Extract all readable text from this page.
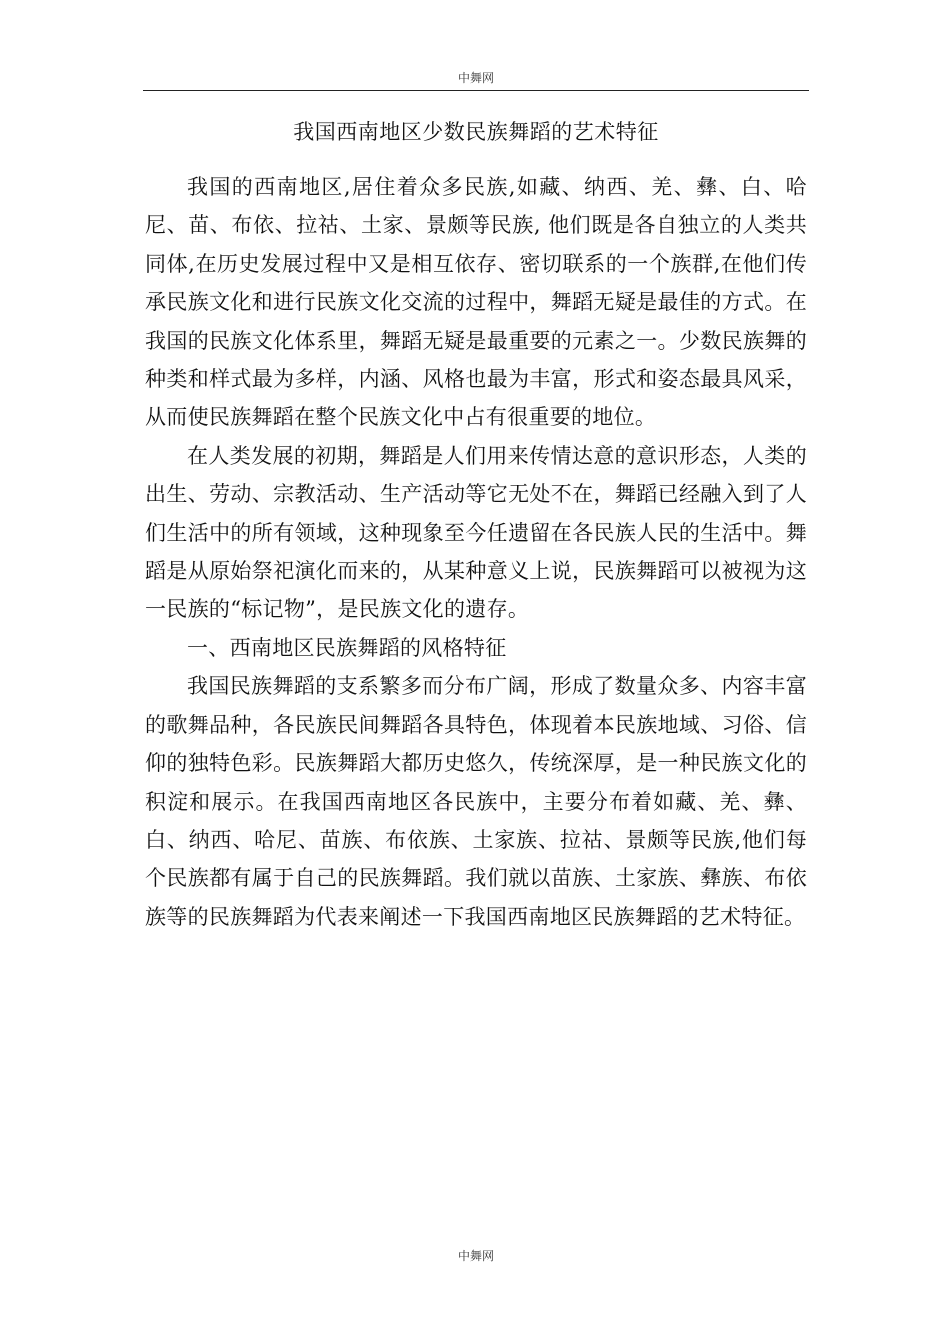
中舞网
我国西南地区少数民族舞蹈的艺术特征

我国的西南地区,居住着众多民族,如藏、纳西、羌、彝、白、哈尼、苗、布依、拉祜、土家、景颇等民族, 他们既是各自独立的人类共同体,在历史发展过程中又是相互依存、密切联系的一个族群,在他们传承民族文化和进行民族文化交流的过程中，舞蹈无疑是最佳的方式。在我国的民族文化体系里，舞蹈无疑是最重要的元素之一。少数民族舞的种类和样式最为多样，内涵、风格也最为丰富，形式和姿态最具风采，从而使民族舞蹈在整个民族文化中占有很重要的地位。

在人类发展的初期，舞蹈是人们用来传情达意的意识形态，人类的出生、劳动、宗教活动、生产活动等它无处不在，舞蹈已经融入到了人们生活中的所有领域，这种现象至今任遗留在各民族人民的生活中。舞蹈是从原始祭祀演化而来的，从某种意义上说，民族舞蹈可以被视为这一民族的“标记物”，是民族文化的遗存。

一、西南地区民族舞蹈的风格特征

我国民族舞蹈的支系繁多而分布广阔，形成了数量众多、内容丰富的歌舞品种，各民族民间舞蹈各具特色，体现着本民族地域、习俗、信仰的独特色彩。民族舞蹈大都历史悠久，传统深厚，是一种民族文化的积淀和展示。在我国西南地区各民族中，主要分布着如藏、羌、彝、白、纳西、哈尼、苗族、布依族、土家族、拉祜、景颇等民族,他们每个民族都有属于自己的民族舞蹈。我们就以苗族、土家族、彝族、布依族等的民族舞蹈为代表来阐述一下我国西南地区民族舞蹈的艺术特征。

中舞网
